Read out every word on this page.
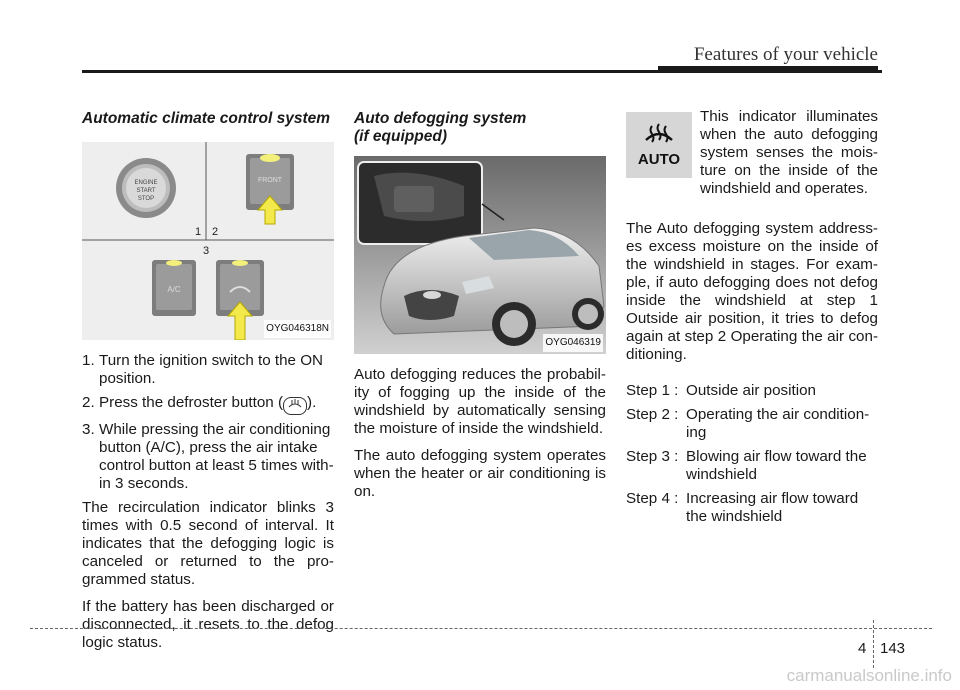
Features of your vehicle
Automatic climate control system
ENGINE
START
STOP
FRONT
1 2
3
A/C
OYG046318N
1. Turn the ignition switch to the ON position.
2. Press the defroster button ( ).
3. While pressing the air conditioning button (A/C), press the air intake control button at least 5 times with- in 3 seconds.

The recirculation indicator blinks 3 times with 0.5 second of interval. It indicates that the defogging logic is canceled or returned to the pro- grammed status.

If the battery has been discharged or disconnected, it resets to the defog logic status.

Auto defogging system
(if equipped)
OYG046319

Auto defogging reduces the probabil- ity of fogging up the inside of the windshield by automatically sensing the moisture of inside the windshield.

The auto defogging system operates when the heater or air conditioning is on.

AUTO
This indicator illuminates when the auto defogging system senses the mois- ture on the inside of the windshield and operates.

The Auto defogging system address- es excess moisture on the inside of the windshield in stages. For exam- ple, if auto defogging does not defog inside the windshield at step 1 Outside air position, it tries to defog again at step 2 Operating the air con- ditioning.

Step 1 : Outside air position
Step 2 : Operating the air condition- ing
Step 3 : Blowing air flow toward the windshield
Step 4 : Increasing air flow toward the windshield
4 143
carmanualsonline.info
